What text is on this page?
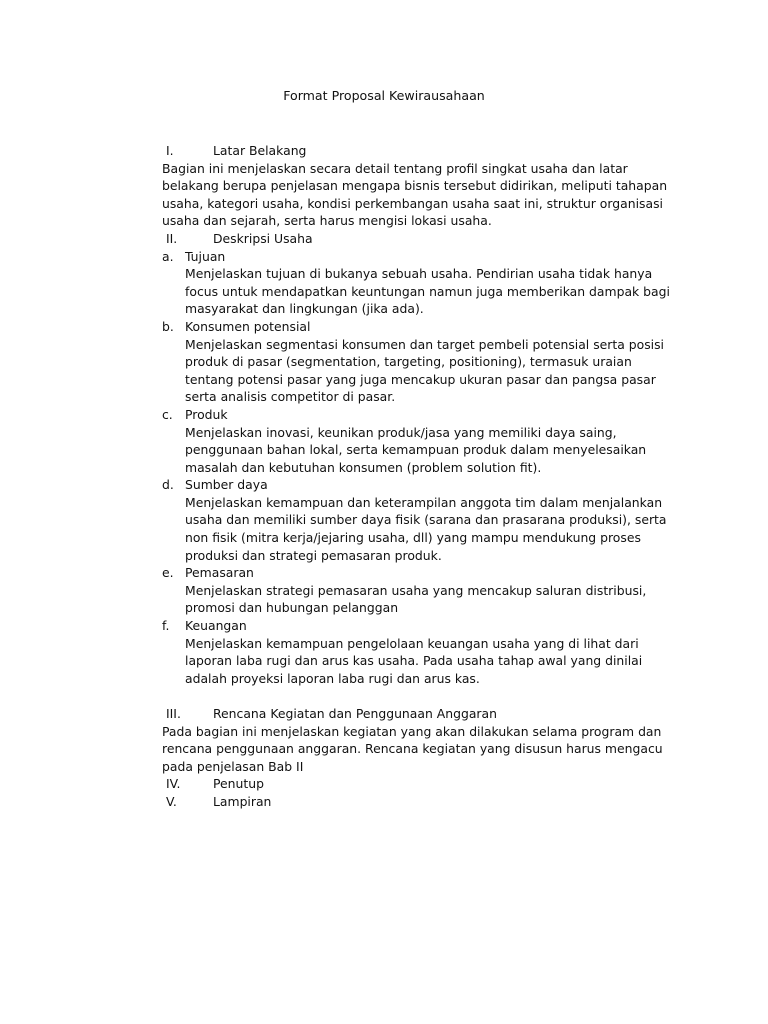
Format Proposal Kewirausahaan
I.	Latar Belakang

Bagian ini menjelaskan secara detail tentang profil singkat usaha dan latar belakang berupa penjelasan mengapa bisnis tersebut didirikan, meliputi tahapan usaha, kategori usaha, kondisi perkembangan usaha saat ini, struktur organisasi usaha dan sejarah, serta harus mengisi lokasi usaha.

II.	Deskripsi Usaha
a. Tujuan

Menjelaskan tujuan di bukanya sebuah usaha. Pendirian usaha tidak hanya focus untuk mendapatkan keuntungan namun juga memberikan dampak bagi masyarakat dan lingkungan (jika ada).

b. Konsumen potensial

Menjelaskan segmentasi konsumen dan target pembeli potensial serta posisi produk di pasar (segmentation, targeting, positioning), termasuk uraian tentang potensi pasar yang juga mencakup ukuran pasar dan pangsa pasar serta analisis competitor di pasar.

c. Produk

Menjelaskan inovasi, keunikan produk/jasa yang memiliki daya saing, penggunaan bahan lokal, serta kemampuan produk dalam menyelesaikan masalah dan kebutuhan konsumen (problem solution fit).

d. Sumber daya

Menjelaskan kemampuan dan keterampilan anggota tim dalam menjalankan usaha dan memiliki sumber daya fisik (sarana dan prasarana produksi), serta non fisik (mitra kerja/jejaring usaha, dll) yang mampu mendukung proses produksi dan strategi pemasaran produk.

e. Pemasaran

Menjelaskan strategi pemasaran usaha yang mencakup saluran distribusi, promosi dan hubungan pelanggan

f. Keuangan

Menjelaskan kemampuan pengelolaan keuangan usaha yang di lihat dari laporan laba rugi dan arus kas usaha. Pada usaha tahap awal yang dinilai adalah proyeksi laporan laba rugi dan arus kas.

III.	Rencana Kegiatan dan Penggunaan Anggaran

Pada bagian ini menjelaskan kegiatan yang akan dilakukan selama program dan rencana penggunaan anggaran. Rencana kegiatan yang disusun harus mengacu pada penjelasan Bab II

IV.	Penutup
V.	Lampiran
